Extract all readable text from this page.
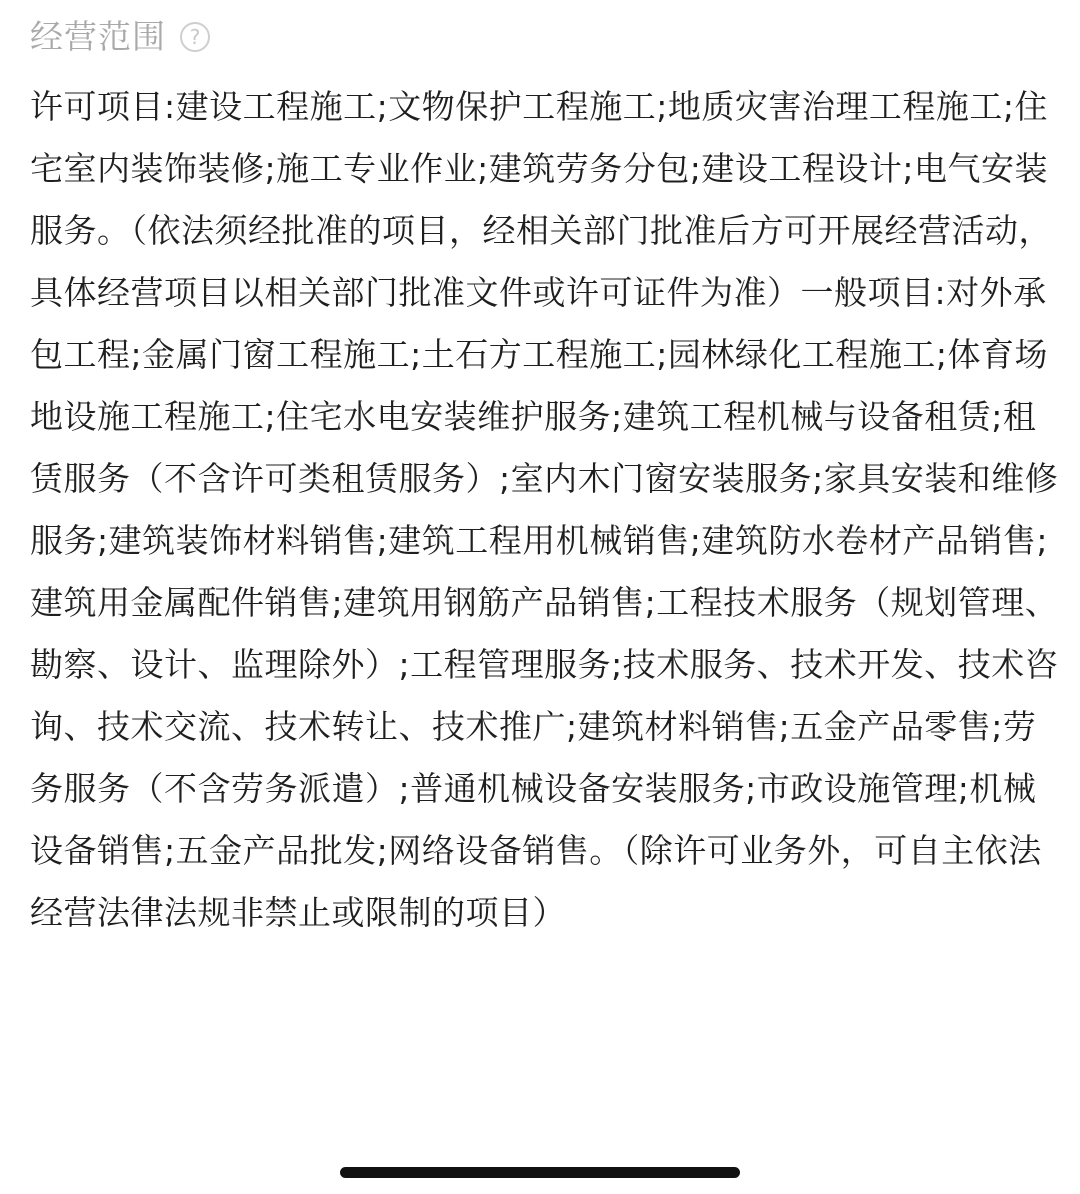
经营范围	?
许可项目:建设工程施工;文物保护工程施工;地质灾害治理工程施工;住宅室内装饰装修;施工专业作业;建筑劳务分包;建设工程设计;电气安装服务。（依法须经批准的项目，经相关部门批准后方可开展经营活动，具体经营项目以相关部门批准文件或许可证件为准）一般项目:对外承包工程;金属门窗工程施工;土石方工程施工;园林绿化工程施工;体育场地设施工程施工;住宅水电安装维护服务;建筑工程机械与设备租赁;租赁服务（不含许可类租赁服务）;室内木门窗安装服务;家具安装和维修服务;建筑装饰材料销售;建筑工程用机械销售;建筑防水卷材产品销售;建筑用金属配件销售;建筑用钢筋产品销售;工程技术服务（规划管理、勘察、设计、监理除外）;工程管理服务;技术服务、技术开发、技术咨询、技术交流、技术转让、技术推广;建筑材料销售;五金产品零售;劳务服务（不含劳务派遣）;普通机械设备安装服务;市政设施管理;机械设备销售;五金产品批发;网络设备销售。（除许可业务外，可自主依法经营法律法规非禁止或限制的项目）
